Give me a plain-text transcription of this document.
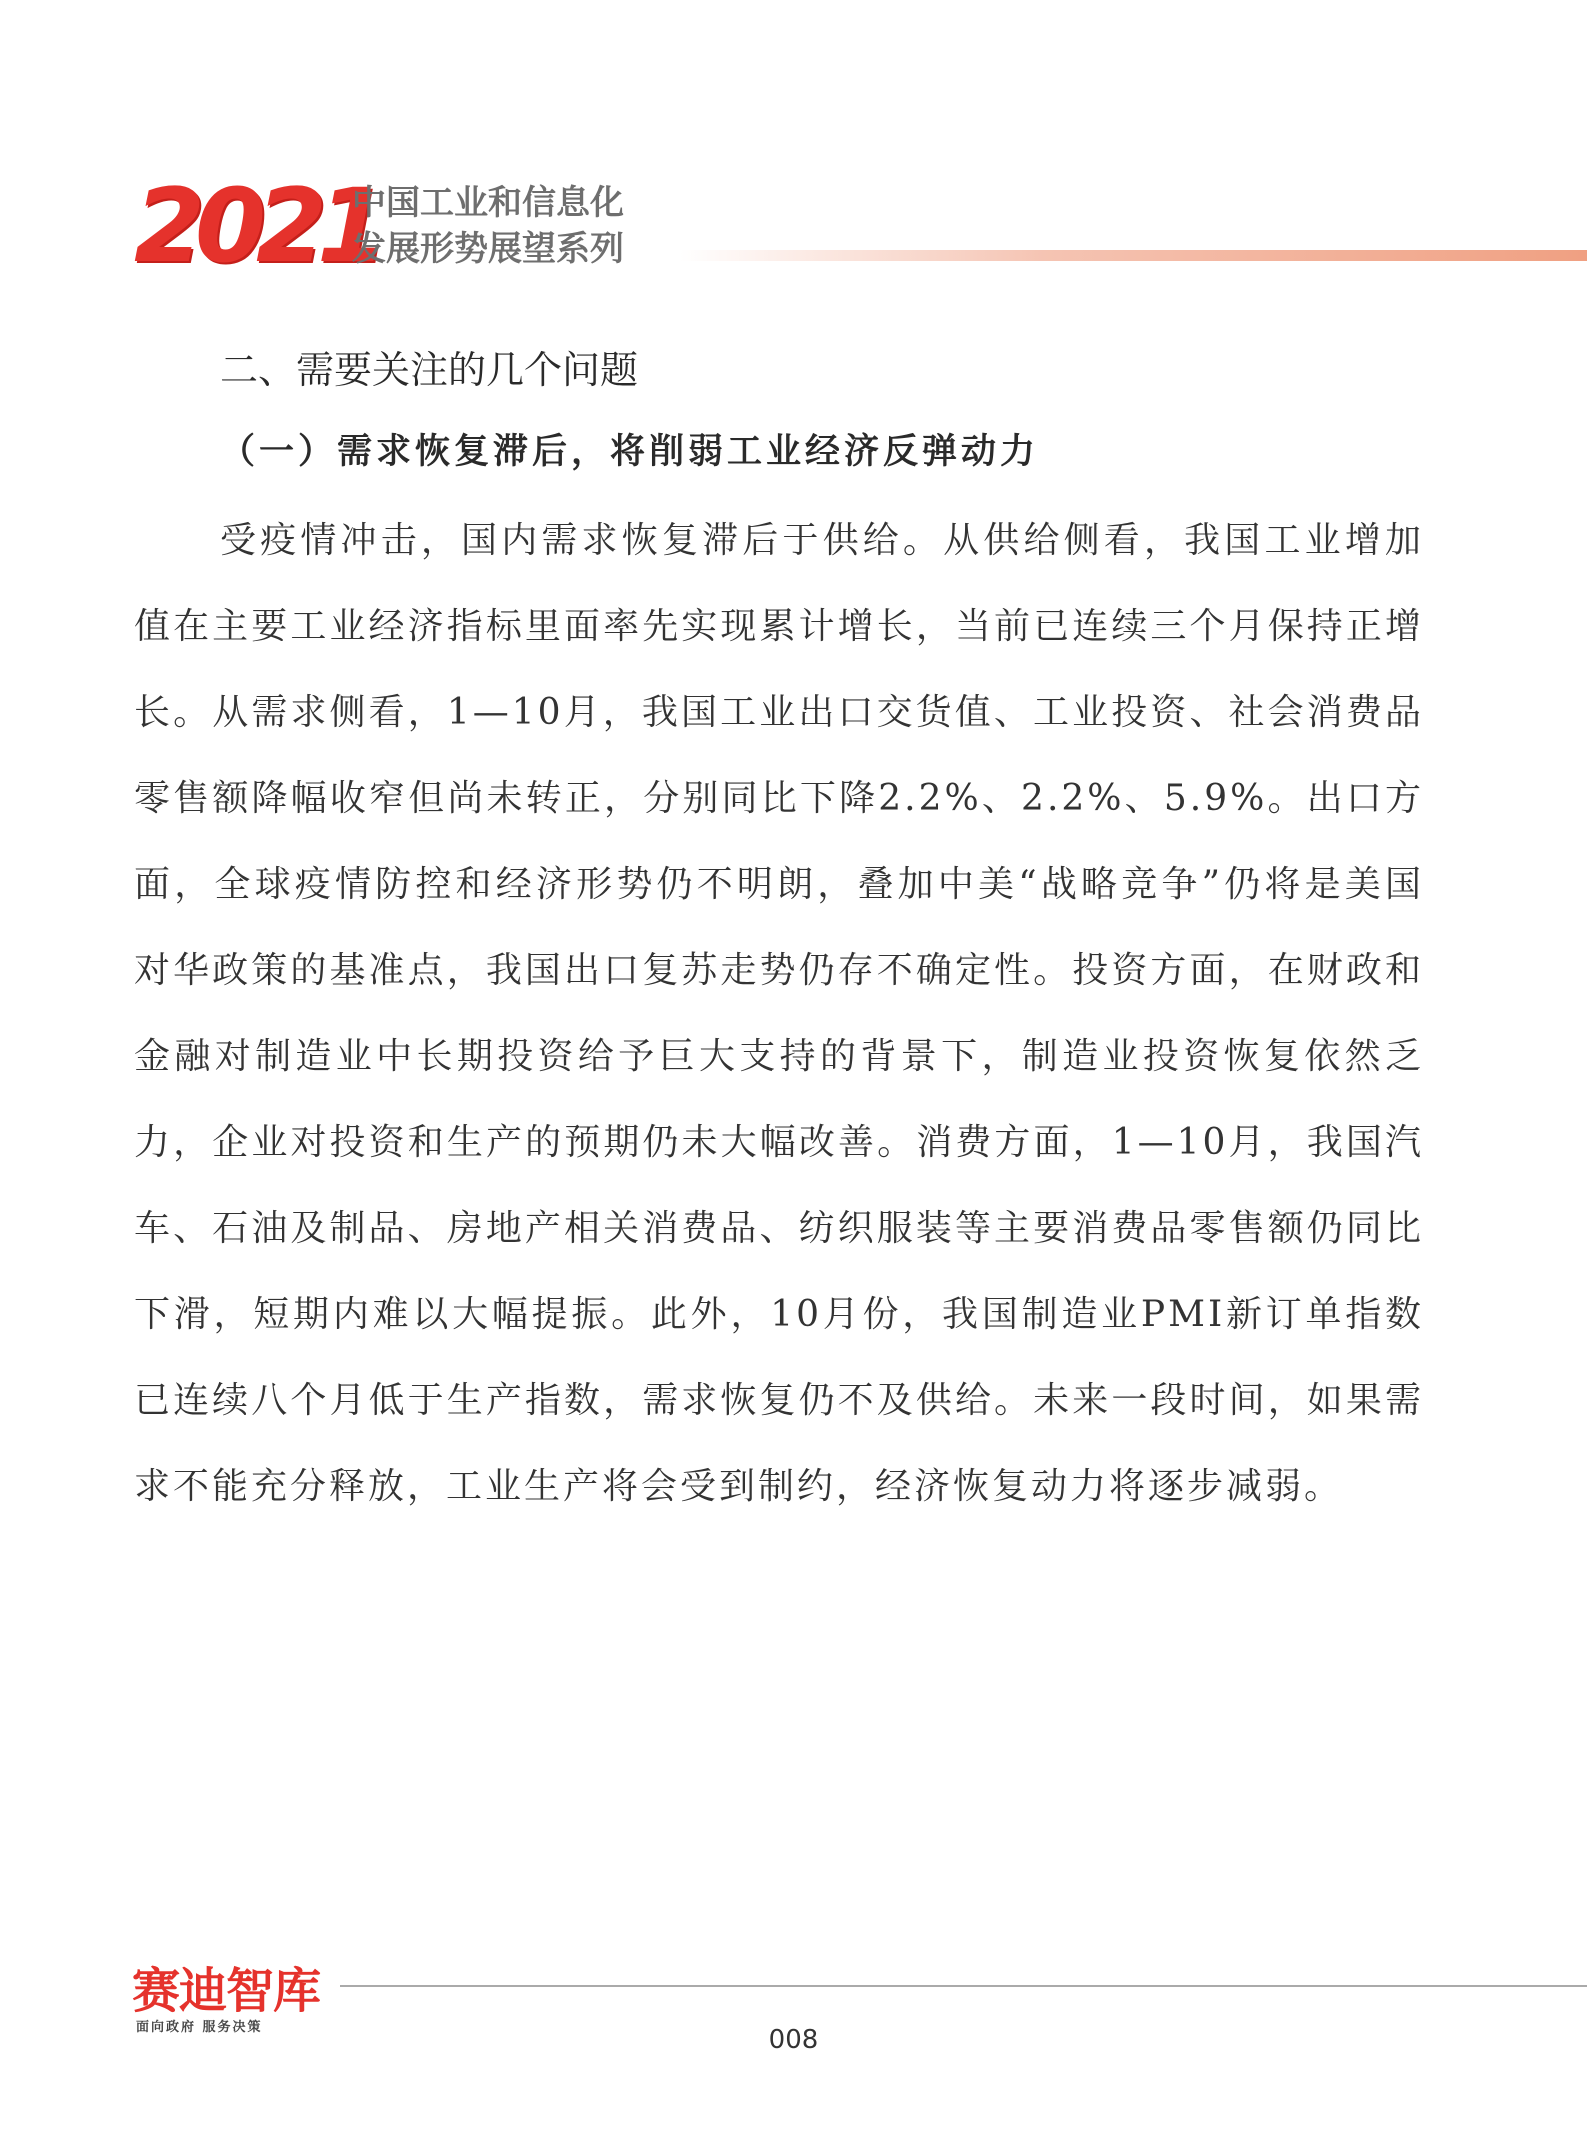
2021
中国工业和信息化
发展形势展望系列
二、需要关注的几个问题
（一）需求恢复滞后，将削弱工业经济反弹动力

受疫情冲击，国内需求恢复滞后于供给。从供给侧看，我国工业增加值在主要工业经济指标里面率先实现累计增长，当前已连续三个月保持正增长。从需求侧看，1—10月，我国工业出口交货值、工业投资、社会消费品零售额降幅收窄但尚未转正，分别同比下降2.2%、2.2%、5.9%。出口方面，全球疫情防控和经济形势仍不明朗，叠加中美“战略竞争”仍将是美国对华政策的基准点，我国出口复苏走势仍存不确定性。投资方面，在财政和金融对制造业中长期投资给予巨大支持的背景下，制造业投资恢复依然乏力，企业对投资和生产的预期仍未大幅改善。消费方面，1—10月，我国汽车、石油及制品、房地产相关消费品、纺织服装等主要消费品零售额仍同比下滑，短期内难以大幅提振。此外，10月份，我国制造业PMI新订单指数已连续八个月低于生产指数，需求恢复仍不及供给。未来一段时间，如果需求不能充分释放，工业生产将会受到制约，经济恢复动力将逐步减弱。

赛迪智库
面向政府 服务决策	008
